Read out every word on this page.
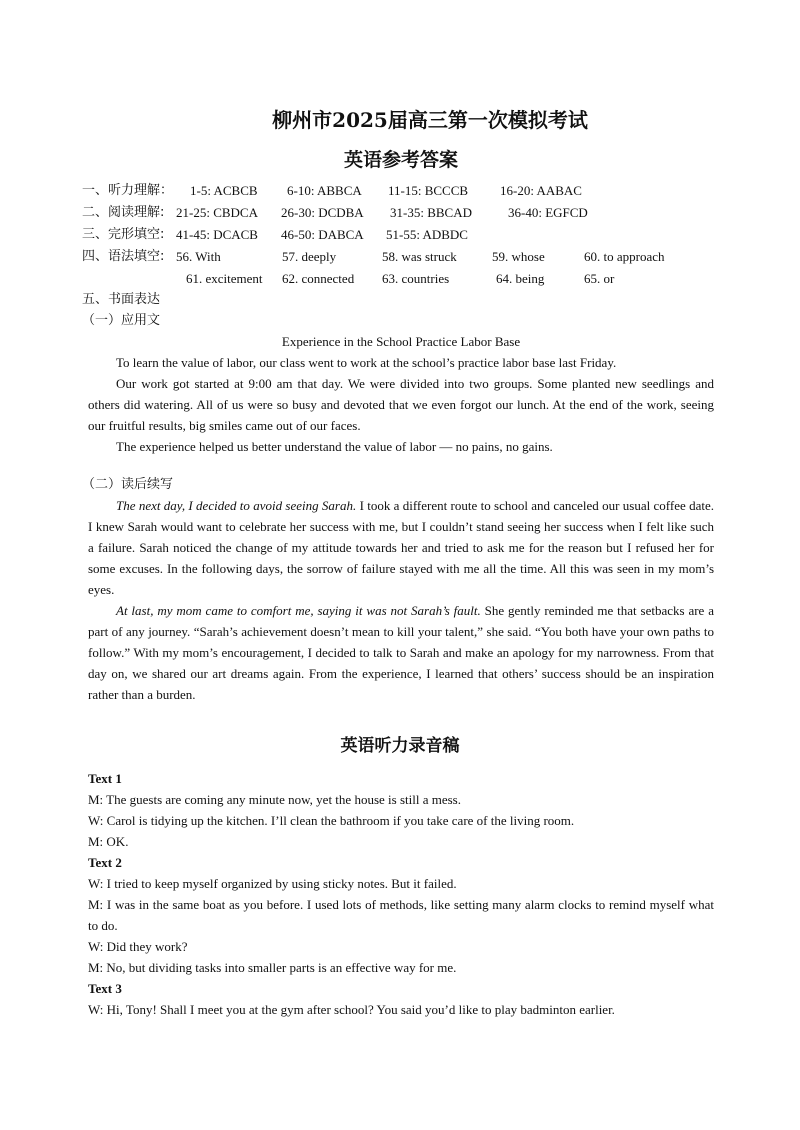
柳州市2025届高三第一次模拟考试
英语参考答案
一、听力理解： 1-5: ACBCB 6-10: ABBCA 11-15: BCCCB 16-20: AABAC
二、阅读理解: 21-25: CBDCA 26-30: DCDBA 31-35: BBCAD	36-40: EGFCD
三、完形填空: 41-45: DCACB 46-50: DABCA 51-55: ADBDC
四、语法填空: 56. With	57. deeply	58. was struck	59. whose	60. to approach
61. excitement 62. connected 63. countries	64. being	65. or
五、书面表达
（一）应用文

Experience in the School Practice Labor Base

To learn the value of labor, our class went to work at the school’s practice labor base last Friday.

Our work got started at 9:00 am that day. We were divided into two groups. Some planted new seedlings and others did watering. All of us were so busy and devoted that we even forgot our lunch. At the end of the work, seeing our fruitful results, big smiles came out of our faces.

The experience helped us better understand the value of labor — no pains, no gains.

（二）读后续写

The next day, I decided to avoid seeing Sarah. I took a different route to school and canceled our usual coffee date. I knew Sarah would want to celebrate her success with me, but I couldn’t stand seeing her success when I felt like such a failure. Sarah noticed the change of my attitude towards her and tried to ask me for the reason but I refused her for some excuses. In the following days, the sorrow of failure stayed with me all the time. All this was seen in my mom’s eyes.

At last, my mom came to comfort me, saying it was not Sarah’s fault. She gently reminded me that setbacks are a part of any journey. “Sarah’s achievement doesn’t mean to kill your talent,” she said. “You both have your own paths to follow.” With my mom’s encouragement, I decided to talk to Sarah and make an apology for my narrowness. From that day on, we shared our art dreams again. From the experience, I learned that others’ success should be an inspiration rather than a burden.

英语听力录音稿
Text 1

M: The guests are coming any minute now, yet the house is still a mess.

W: Carol is tidying up the kitchen. I’ll clean the bathroom if you take care of the living room.

M: OK.

Text 2

W: I tried to keep myself organized by using sticky notes. But it failed.

M: I was in the same boat as you before. I used lots of methods, like setting many alarm clocks to remind myself what to do.

W: Did they work?

M: No, but dividing tasks into smaller parts is an effective way for me.

Text 3

W: Hi, Tony! Shall I meet you at the gym after school? You said you’d like to play badminton earlier.
